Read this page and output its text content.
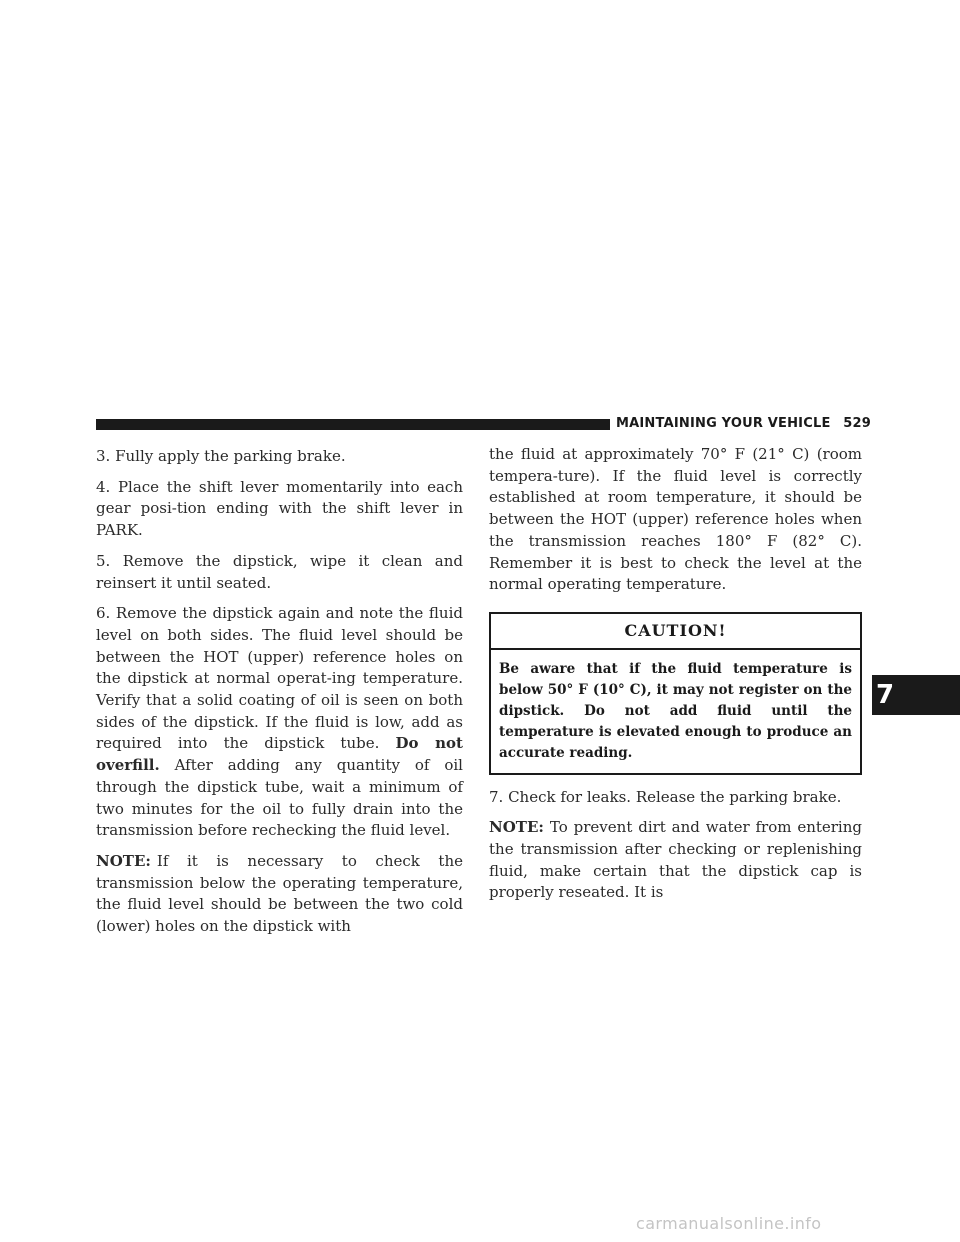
MAINTAINING YOUR VEHICLE 529

3. Fully apply the parking brake.

4. Place the shift lever momentarily into each gear posi-tion ending with the shift lever in PARK.

5. Remove the dipstick, wipe it clean and reinsert it until seated.

6. Remove the dipstick again and note the fluid level on both sides. The fluid level should be between the HOT (upper) reference holes on the dipstick at normal operat-ing temperature. Verify that a solid coating of oil is seen on both sides of the dipstick. If the fluid is low, add as required into the dipstick tube. Do not overfill. After adding any quantity of oil through the dipstick tube, wait a minimum of two minutes for the oil to fully drain into the transmission before rechecking the fluid level.

NOTE: If it is necessary to check the transmission below the operating temperature, the fluid level should be between the two cold (lower) holes on the dipstick with

the fluid at approximately 70° F (21° C) (room tempera-ture). If the fluid level is correctly established at room temperature, it should be between the HOT (upper) reference holes when the transmission reaches 180° F (82° C). Remember it is best to check the level at the normal operating temperature.

CAUTION!
Be aware that if the fluid temperature is below 50° F (10° C), it may not register on the dipstick. Do not add fluid until the temperature is elevated enough to produce an accurate reading.

7. Check for leaks. Release the parking brake.

NOTE: To prevent dirt and water from entering the transmission after checking or replenishing fluid, make certain that the dipstick cap is properly reseated. It is

7
carmanualsonline.info
